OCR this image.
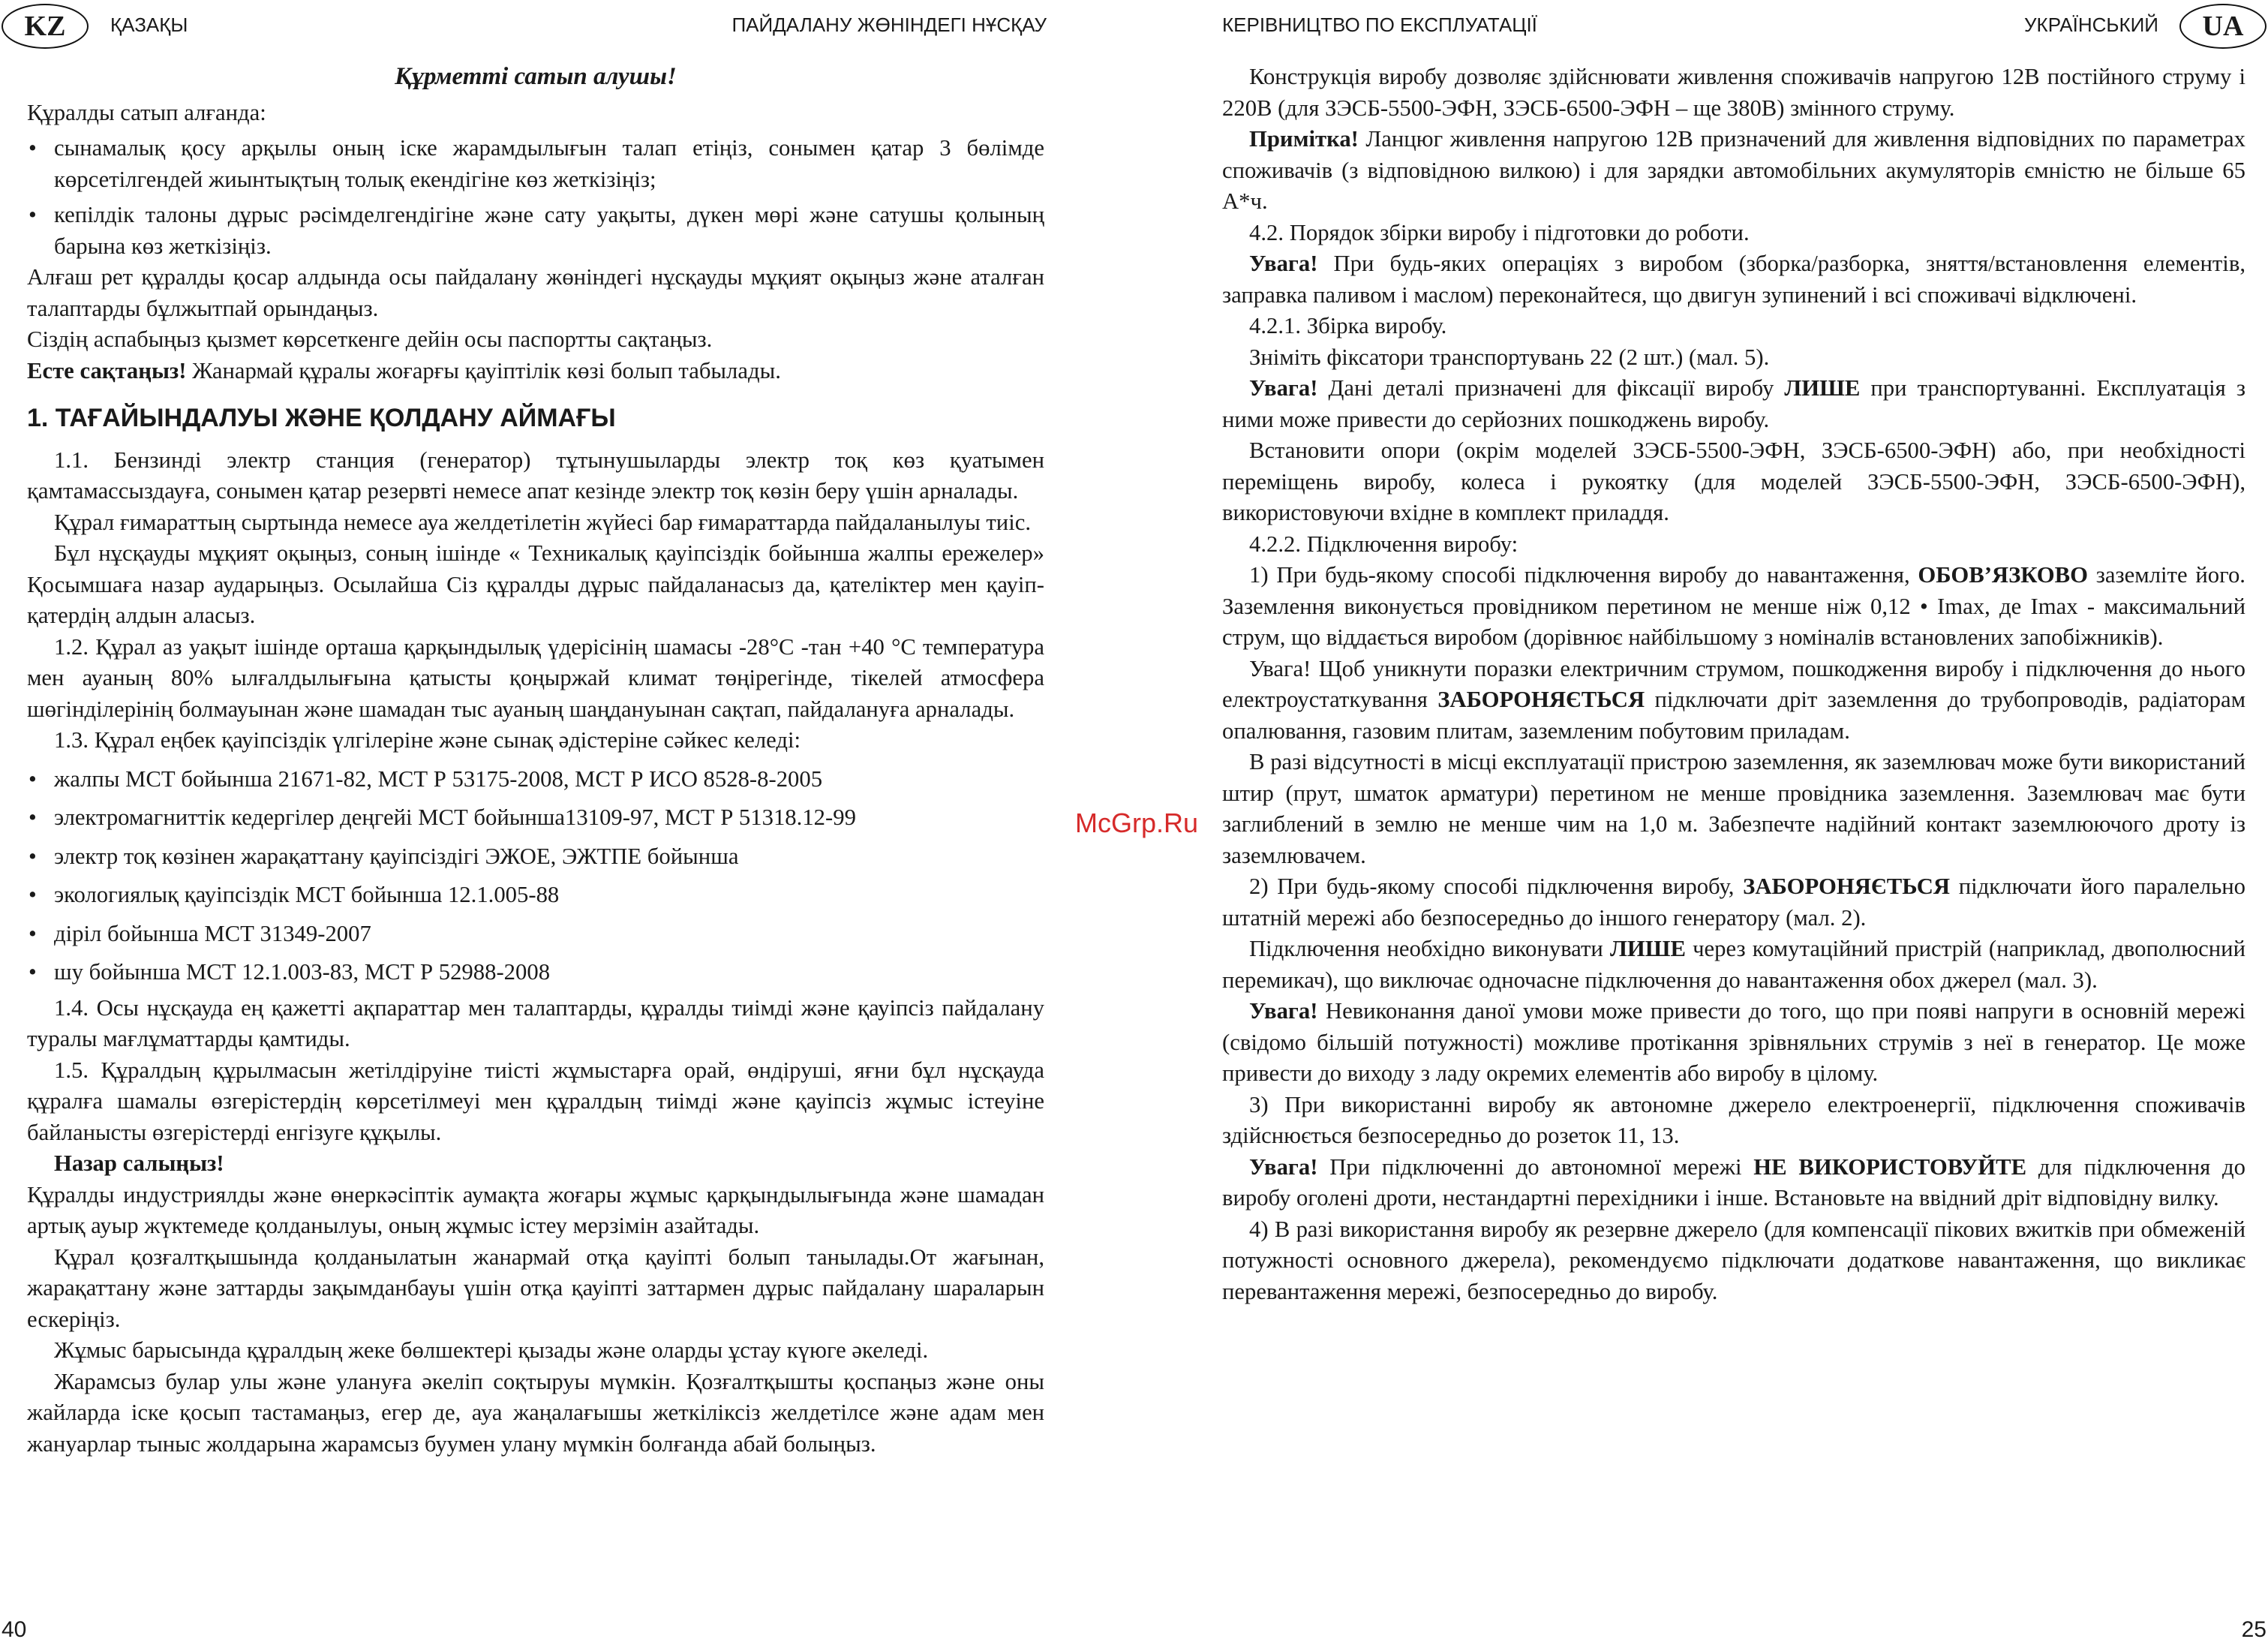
KZ	ҚАЗАҚЫ	ПАЙДАЛАНУ ЖӨНІНДЕГІ НҰСҚАУ

Құрметті сатып алушы!

Құралды сатып алғанда:

• сынамалық қосу арқылы оның іске жарамдылығын талап етіңіз, сонымен қатар 3 бөлімде көрсетілгендей жиынтықтың толық екендігіне көз жеткізіңіз;

• кепілдік талоны дұрыс рәсімделгендігіне және сату уақыты, дүкен мөрі және сатушы қолының барына көз жеткізіңіз.

Алғаш рет құралды қосар алдында осы пайдалану жөніндегі нұсқауды мұқият оқыңыз және аталған талаптарды бұлжытпай орындаңыз.

Сіздің аспабыңыз қызмет көрсеткенге дейін осы паспортты сақтаңыз.

Есте сақтаңыз! Жанармай құралы жоғарғы қауіптілік көзі болып табылады.

1. ТАҒАЙЫНДАЛУЫ ЖӘНЕ ҚОЛДАНУ АЙМАҒЫ

1.1. Бензинді электр станция (генератор) тұтынушыларды электр тоқ көз қуатымен қамтамассыздауға, сонымен қатар резервті немесе апат кезінде электр тоқ көзін беру үшін арналады.

Құрал ғимараттың сыртында немесе ауа желдетілетін жүйесі бар ғимараттарда пайдаланылуы тиіс.

Бұл нұсқауды мұқият оқыңыз, соның ішінде « Техникалық қауіпсіздік бойынша жалпы ережелер» Қосымшаға назар аударыңыз. Осылайша Сіз құралды дұрыс пайдаланасыз да, қателіктер мен қауіп-қатердің алдын аласыз.

1.2. Құрал аз уақыт ішінде орташа қарқындылық үдерісінің шамасы -28°С -тан +40 °С температура мен ауаның 80% ылғалдылығына қатысты қоңыржай климат төңірегінде, тікелей атмосфера шөгінділерінің болмауынан және шамадан тыс ауаның шаңдануынан сақтап, пайдалануға арналады.

1.3. Құрал еңбек қауіпсіздік үлгілеріне және сынақ әдістеріне сәйкес келеді:

• жалпы МСТ бойынша 21671-82, МСТ Р 53175-2008, МСТ Р ИСО 8528-8-2005

• электромагниттік кедергілер деңгейі МСТ бойынша13109-97, МСТ Р 51318.12-99

• электр тоқ көзінен жарақаттану қауіпсіздігі ЭЖОЕ, ЭЖТПЕ бойынша

• экологиялық қауіпсіздік МСТ бойынша 12.1.005-88

• діріл бойынша МСТ 31349-2007

• шу бойынша МСТ 12.1.003-83, МСТ Р 52988-2008

1.4. Осы нұсқауда ең қажетті ақпараттар мен талаптарды, құралды тиімді және қауіпсіз пайдалану туралы мағлұматтарды қамтиды.

1.5. Құралдың құрылмасын жетілдіруіне тиісті жұмыстарға орай, өндіруші, яғни бұл нұсқауда құралға шамалы өзгерістердің көрсетілмеуі мен құралдың тиімді және қауіпсіз жұмыс істеуіне байланысты өзгерістерді енгізуге құқылы.

Назар салыңыз!

Құралды индустриялды және өнеркәсіптік аумақта жоғары жұмыс қарқындылығында және шамадан артық ауыр жүктемеде қолданылуы, оның жұмыс істеу мерзімін азайтады.

Құрал қозғалтқышында қолданылатын жанармай отқа қауіпті болып танылады.От жағынан, жарақаттану және заттарды зақымданбауы үшін отқа қауіпті заттармен дұрыс пайдалану шараларын ескеріңіз.

Жұмыс барысында құралдың жеке бөлшектері қызады және оларды ұстау күюге әкеледі.

Жарамсыз булар улы және улануға әкеліп соқтыруы мүмкін. Қозғалтқышты қоспаңыз және оны жайларда іске қосып тастамаңыз, егер де, ауа жаңалағышы жеткіліксіз желдетілсе және адам мен жануарлар тыныс жолдарына жарамсыз буумен улану мүмкін болғанда абай болыңыз.

40
КЕРІВНИЦТВО ПО ЕКСПЛУАТАЦІЇ	УКРАЇНСЬКИЙ	UA

Конструкція виробу дозволяє здійснювати живлення споживачів напругою 12В постійного струму і 220В (для ЗЭСБ-5500-ЭФН, ЗЭСБ-6500-ЭФН – ще 380В) змінного струму.

Примітка! Ланцюг живлення напругою 12В призначений для живлення відповідних по параметрах споживачів (з відповідною вилкою) і для зарядки автомобільних акумуляторів ємністю не більше 65 А*ч.

4.2. Порядок збірки виробу і підготовки до роботи.

Увага! При будь-яких операціях з виробом (зборка/разборка, зняття/встановлення елементів, заправка паливом і маслом) переконайтеся, що двигун зупинений і всі споживачі відключені.

4.2.1. Збірка виробу.

Зніміть фіксатори транспортувань 22 (2 шт.) (мал. 5).

Увага! Дані деталі призначені для фіксації виробу ЛИШЕ при транспортуванні. Експлуатація з ними може привести до серйозних пошкоджень виробу.

Встановити опори (окрім моделей ЗЭСБ-5500-ЭФН, ЗЭСБ-6500-ЭФН) або, при необхідності переміщень виробу, колеса і рукоятку (для моделей ЗЭСБ-5500-ЭФН, ЗЭСБ-6500-ЭФН), використовуючи вхідне в комплект приладдя.

4.2.2. Підключення виробу:

1) При будь-якому способі підключення виробу до навантаження, ОБОВ’ЯЗКОВО заземліте його. Заземлення виконується провідником перетином не менше ніж 0,12 • Imax, де Imax - максимальний струм, що віддається виробом (дорівнює найбільшому з номіналів встановлених запобіжників).

Увага! Щоб уникнути поразки електричним струмом, пошкодження виробу і підключення до нього електроустаткування ЗАБОРОНЯЄТЬСЯ підключати дріт заземлення до трубопроводів, радіаторам опалювання, газовим плитам, заземленим побутовим приладам.

В разі відсутності в місці експлуатації пристрою заземлення, як заземлювач може бути використаний штир (прут, шматок арматури) перетином не менше провідника заземлення. Заземлювач має бути заглиблений в землю не менше чим на 1,0 м. Забезпечте надійний контакт заземлюючого дроту із заземлювачем.

2) При будь-якому способі підключення виробу, ЗАБОРОНЯЄТЬСЯ підключати його паралельно штатній мережі або безпосередньо до іншого генератору (мал. 2).

Підключення необхідно виконувати ЛИШЕ через комутаційний пристрій (наприклад, двополюсний перемикач), що виключає одночасне підключення до навантаження обох джерел (мал. 3).

Увага! Невиконання даної умови може привести до того, що при появі напруги в основній мережі (свідомо більшій потужності) можливе протікання зрівняльних струмів з неї в генератор. Це може привести до виходу з ладу окремих елементів або виробу в цілому.

3) При використанні виробу як автономне джерело електроенергії, підключення споживачів здійснюється безпосередньо до розеток 11, 13.

Увага! При підключенні до автономної мережі НЕ ВИКОРИСТОВУЙТЕ для підключення до виробу оголені дроти, нестандартні перехідники і інше. Встановьте на ввідний дріт відповідну вилку.

4) В разі використання виробу як резервне джерело (для компенсації пікових вжитків при обмеженій потужності основного джерела), рекомендуємо підключати додаткове навантаження, що викликає перевантаження мережі, безпосередньо до виробу.

25
McGrp.Ru
